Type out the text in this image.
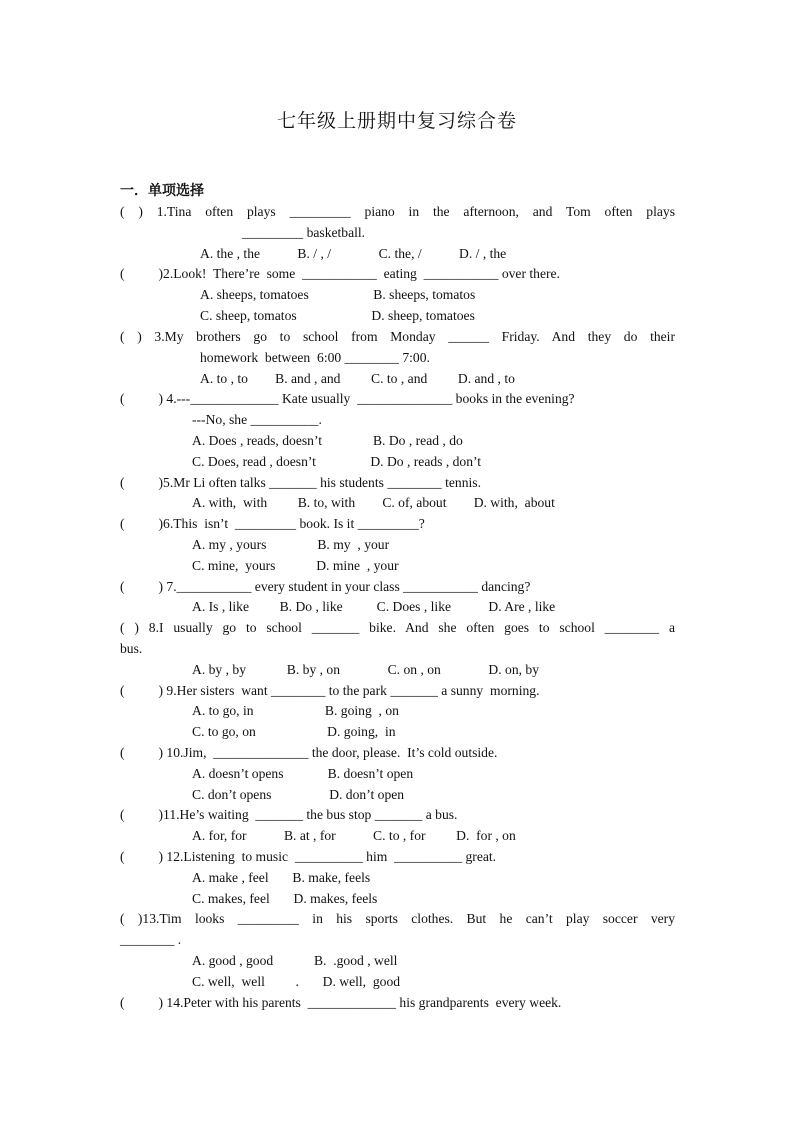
七年级上册期中复习综合卷
一．单项选择
( ) 1.Tina often plays _________ piano in the afternoon, and Tom often plays
_________ basketball.
A. the , the           B. / , /              C. the, /           D. / , the
(          )2.Look!  There’re  some  ___________  eating  ___________ over there.
A. sheeps, tomatoes                   B. sheeps, tomatos
C. sheep, tomatos                      D. sheep, tomatoes
( ) 3.My brothers go to school from Monday ______ Friday. And they do their
homework  between  6:00 ________ 7:00.
A. to , to        B. and , and         C. to , and         D. and , to
(          ) 4.---_____________ Kate usually  ______________ books in the evening?
---No, she __________.
A. Does , reads, doesn’t               B. Do , read , do
C. Does, read , doesn’t                D. Do , reads , don’t
(          )5.Mr Li often talks _______ his students ________ tennis.
A. with,  with         B. to, with        C. of, about        D. with,  about
(          )6.This  isn’t  _________ book. Is it _________?
A. my , yours               B. my  , your
C. mine,  yours            D. mine  , your
(          ) 7.___________ every student in your class ___________ dancing?
A. Is , like         B. Do , like          C. Does , like           D. Are , like
( ) 8.I usually go to school _______ bike. And she often goes to school ________ a
bus.
A. by , by            B. by , on              C. on , on              D. on, by
(          ) 9.Her sisters  want ________ to the park _______ a sunny  morning.
A. to go, in                     B. going  , on
C. to go, on                     D. going,  in
(          ) 10.Jim,  ______________ the door, please.  It’s cold outside.
A. doesn’t opens             B. doesn’t open
C. don’t opens                 D. don’t open
(          )11.He’s waiting  _______ the bus stop _______ a bus.
A. for, for           B. at , for           C. to , for         D.  for , on
(          ) 12.Listening  to music  __________ him  __________ great.
A. make , feel       B. make, feels
C. makes, feel       D. makes, feels
( )13.Tim looks _________ in his sports clothes. But he can’t play soccer very
________ .
A. good , good            B.  .good , well
C. well,  well         .       D. well,  good
(          ) 14.Peter with his parents  _____________ his grandparents  every week.
